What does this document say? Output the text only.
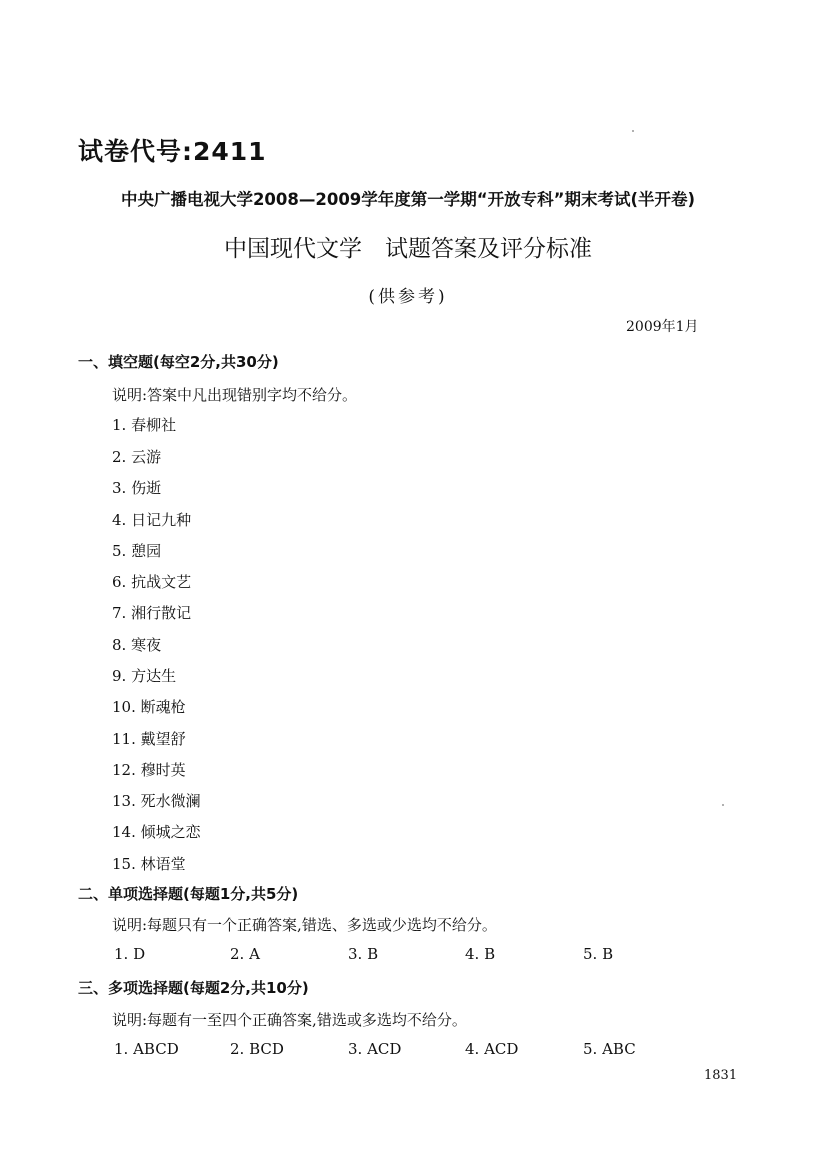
试卷代号:2411
中央广播电视大学2008—2009学年度第一学期“开放专科”期末考试(半开卷)
中国现代文学　试题答案及评分标准
(供参考)
2009年1月
一、填空题(每空2分,共30分)
说明:答案中凡出现错别字均不给分。
1. 春柳社
2. 云游
3. 伤逝
4. 日记九种
5. 憩园
6. 抗战文艺
7. 湘行散记
8. 寒夜
9. 方达生
10. 断魂枪
11. 戴望舒
12. 穆时英
13. 死水微澜
14. 倾城之恋
15. 林语堂
二、单项选择题(每题1分,共5分)
说明:每题只有一个正确答案,错选、多选或少选均不给分。
1. D	2. A	3. B	4. B	5. B
三、多项选择题(每题2分,共10分)
说明:每题有一至四个正确答案,错选或多选均不给分。
1. ABCD	2. BCD	3. ACD	4. ACD	5. ABC
1831
